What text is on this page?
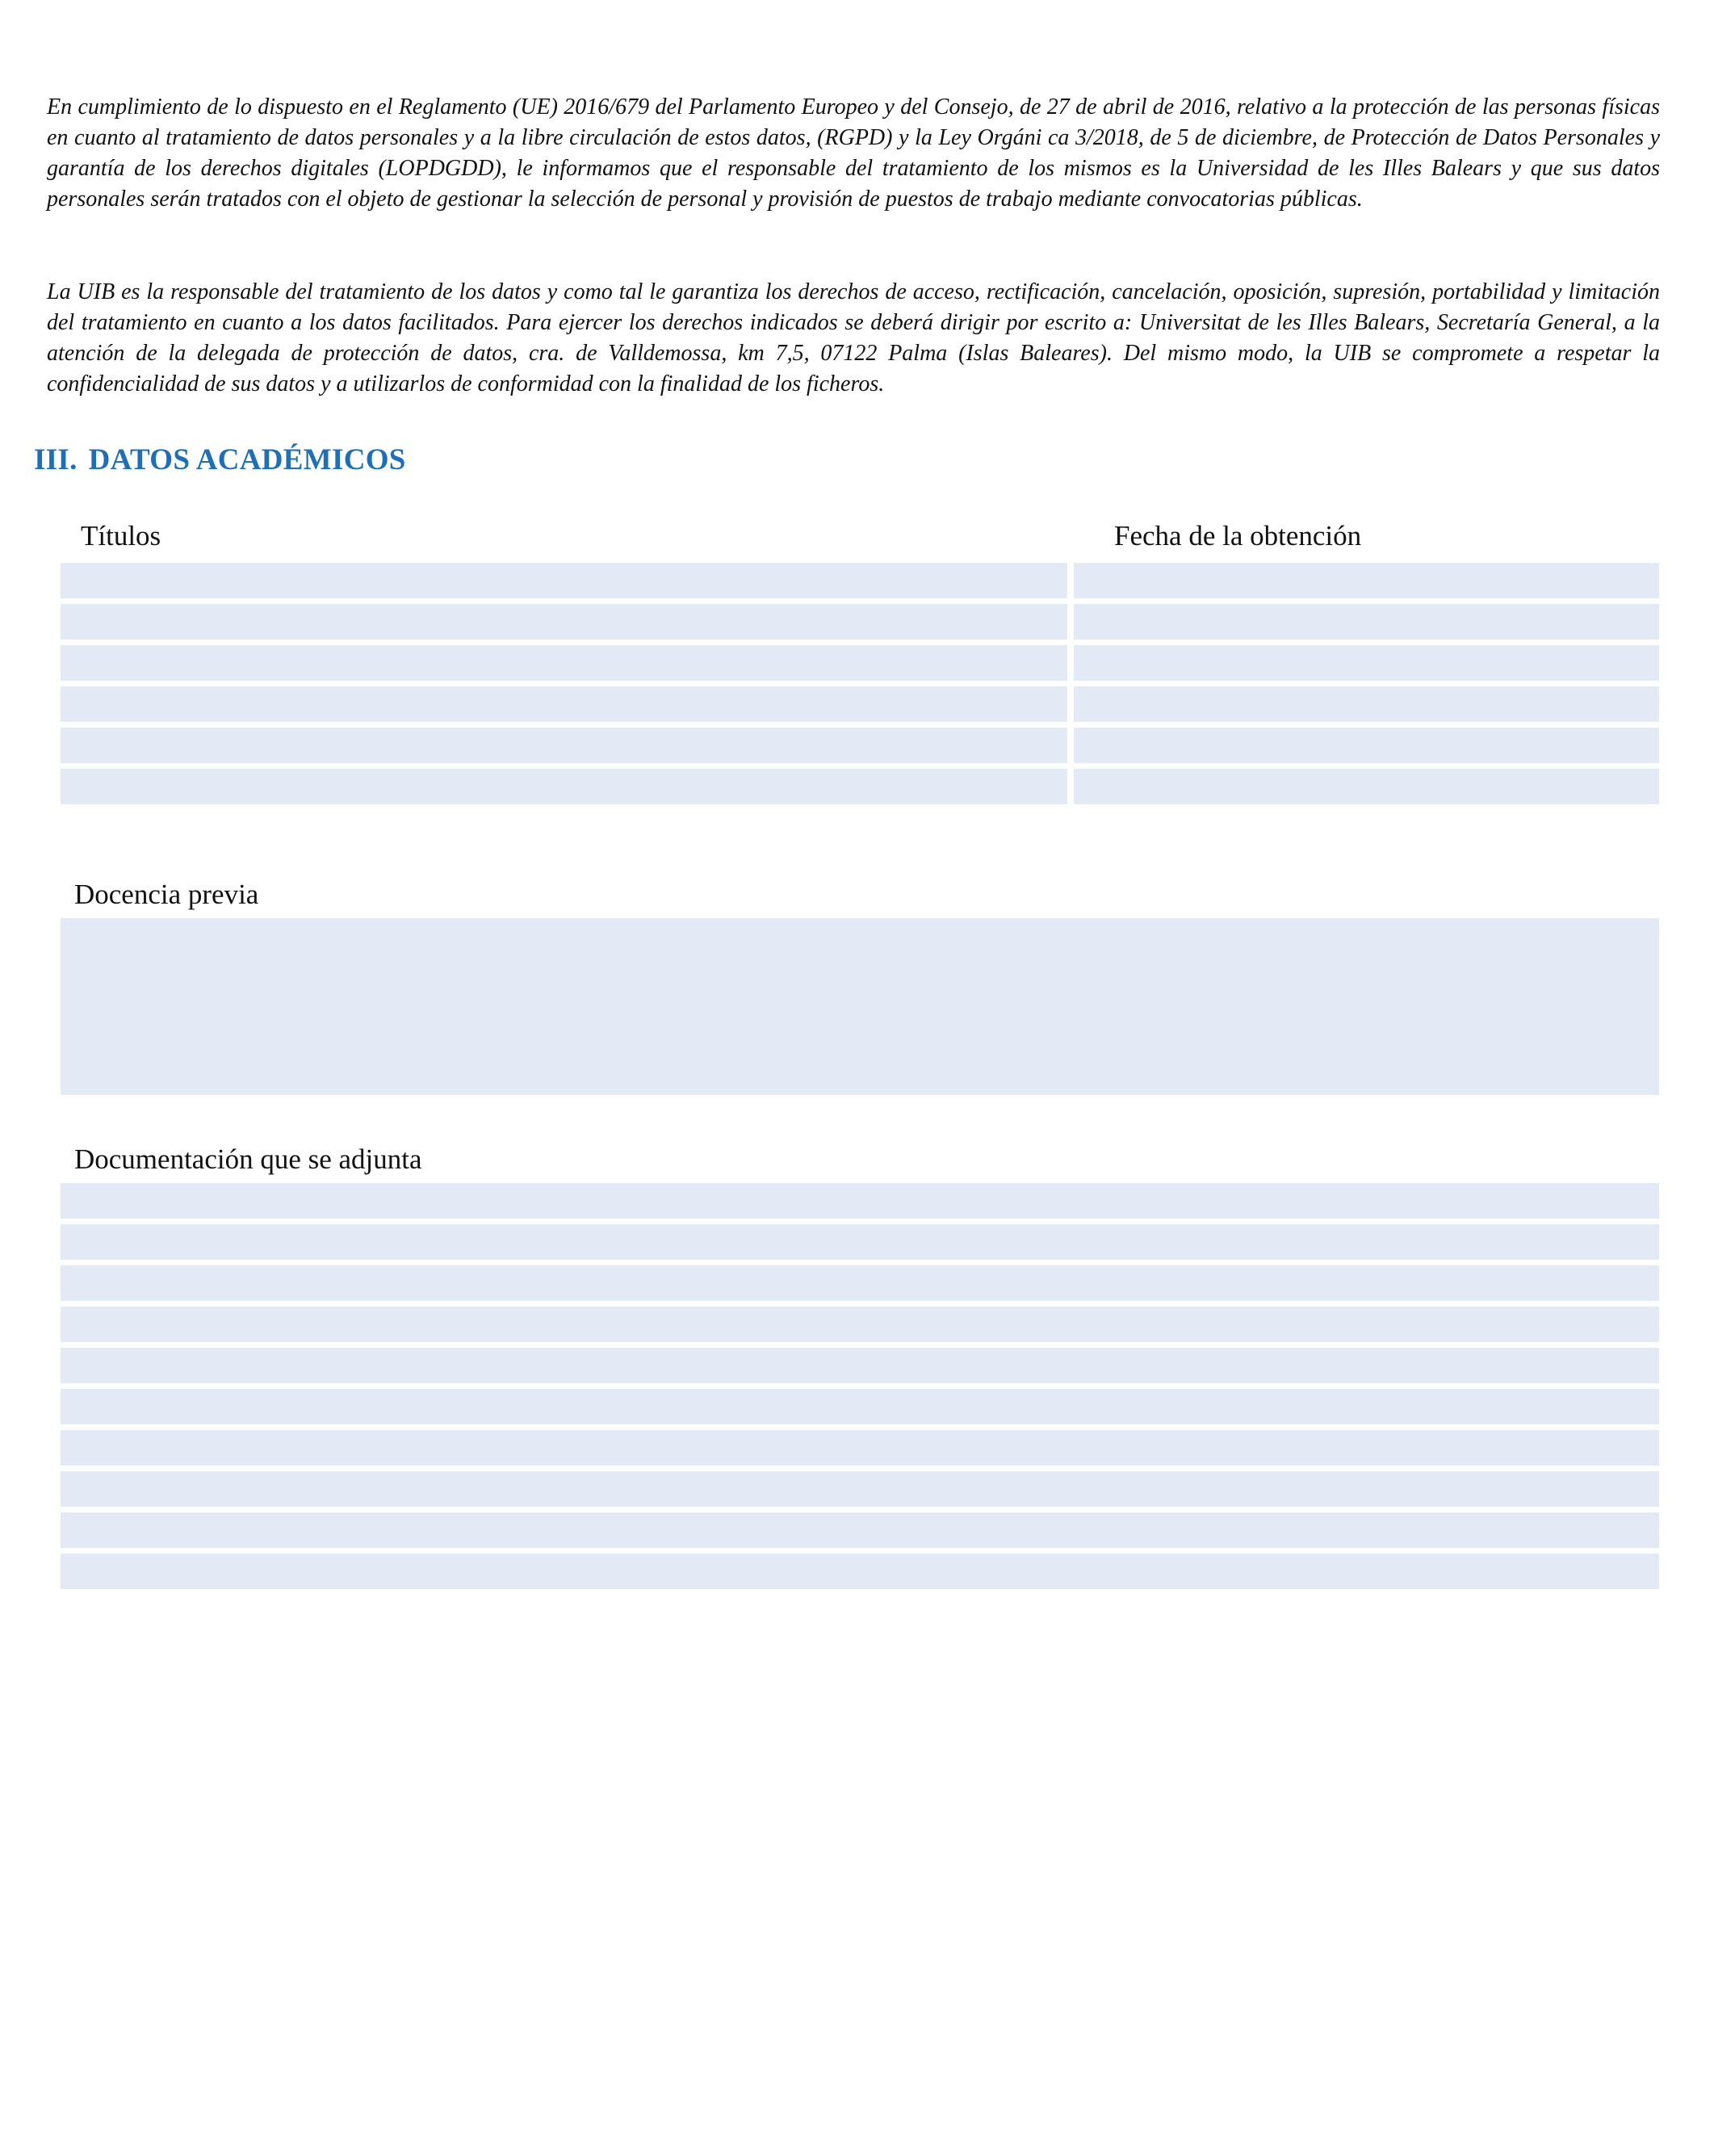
En cumplimiento de lo dispuesto en el Reglamento (UE) 2016/679 del Parlamento Europeo y del Consejo, de 27 de abril de 2016, relativo a la protección de las personas físicas en cuanto al tratamiento de datos personales y a la libre circulación de estos datos, (RGPD) y la Ley Orgáni ca 3/2018, de 5 de diciembre, de Protección de Datos Personales y garantía de los derechos digitales (LOPDGDD), le informamos que el responsable del tratamiento de los mismos es la Universidad de les Illes Balears y que sus datos personales serán tratados con el objeto de gestionar la selección de personal y provisión de puestos de trabajo mediante convocatorias públicas.

La UIB es la responsable del tratamiento de los datos y como tal le garantiza los derechos de acceso, rectificación, cancelación, oposición, supresión, portabilidad y limitación del tratamiento en cuanto a los datos facilitados. Para ejercer los derechos indicados se deberá dirigir por escrito a: Universitat de les Illes Balears, Secretaría General, a la atención de la delegada de protección de datos, cra. de Valldemossa, km 7,5, 07122 Palma (Islas Baleares). Del mismo modo, la UIB se compromete a respetar la confidencialidad de sus datos y a utilizarlos de conformidad con la finalidad de los ficheros.

III. DATOS ACADÉMICOS
Títulos	Fecha de la obtención
Docencia previa
Documentación que se adjunta
